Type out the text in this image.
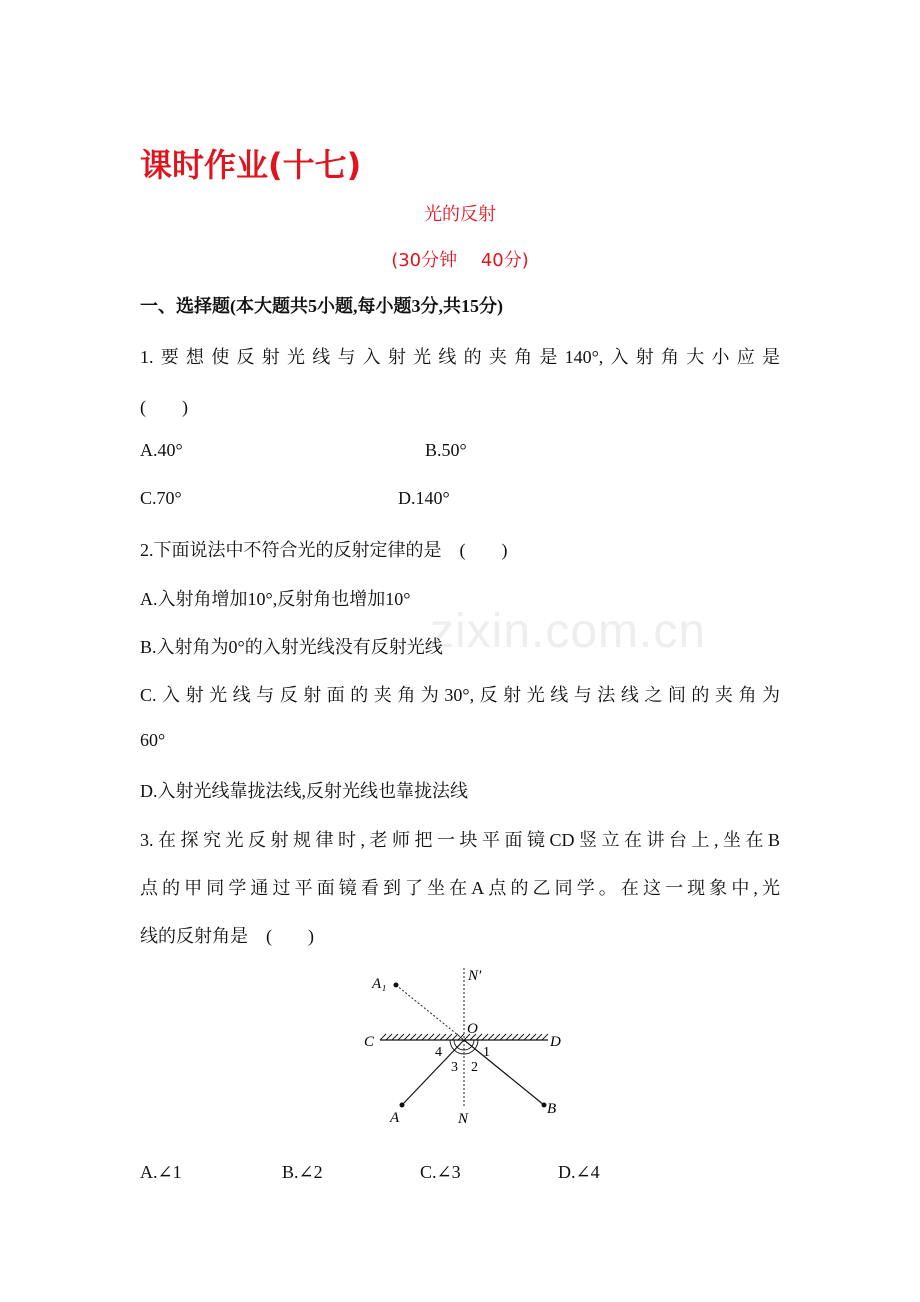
课时作业(十七)
光的反射
(30分钟　 40分)
一、选择题(本大题共5小题,每小题3分,共15分)
1.要想使反射光线与入射光线的夹角是140°,入射角大小应是
(　　)
A.40°	B.50°
C.70°	D.140°
2.下面说法中不符合光的反射定律的是　(　　)
A.入射角增加10°,反射角也增加10°
zixin.com.cn
B.入射角为0°的入射光线没有反射光线
C.入射光线与反射面的夹角为30°,反射光线与法线之间的夹角为
60°
D.入射光线靠拢法线,反射光线也靠拢法线
3.在探究光反射规律时,老师把一块平面镜CD竖立在讲台上,坐在B
点的甲同学通过平面镜看到了坐在A点的乙同学。在这一现象中,光
线的反射角是　(　　)
A₁	N′
O
C	D
4	1
3 2
A	N
B
A.∠1	B.∠2	C.∠3	D.∠4
